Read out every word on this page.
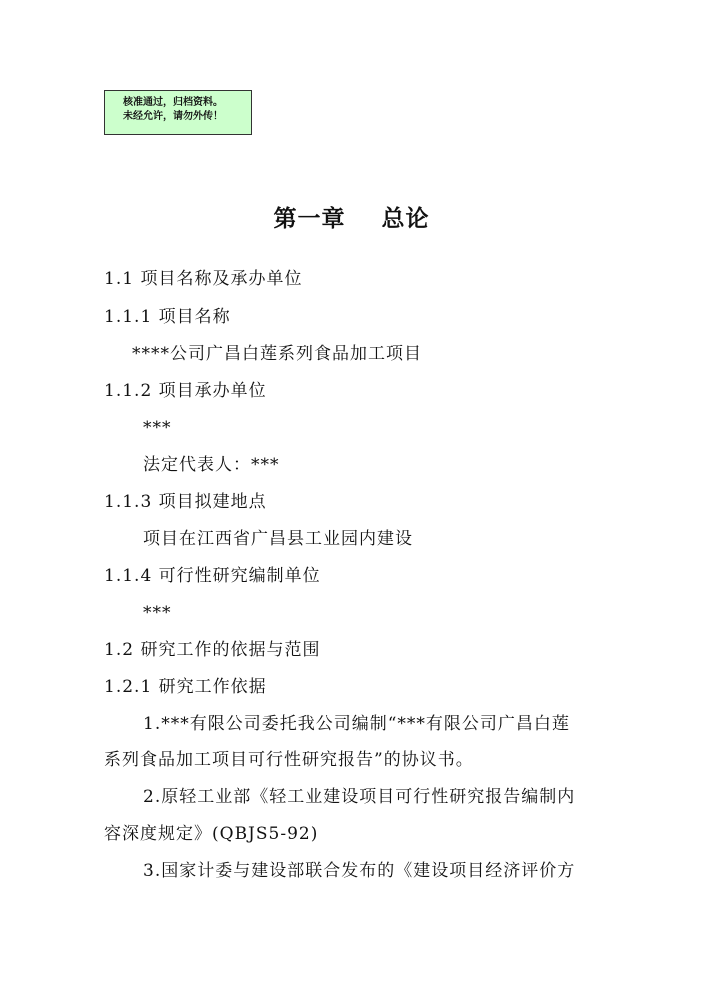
核准通过，归档资料。
未经允许，请勿外传！
第一章    总论
1.1 项目名称及承办单位
1.1.1 项目名称
****公司广昌白莲系列食品加工项目
1.1.2 项目承办单位
***
法定代表人：***
1.1.3 项目拟建地点
项目在江西省广昌县工业园内建设
1.1.4 可行性研究编制单位
***
1.2 研究工作的依据与范围
1.2.1 研究工作依据
1.***有限公司委托我公司编制“***有限公司广昌白莲
系列食品加工项目可行性研究报告”的协议书。
2.原轻工业部《轻工业建设项目可行性研究报告编制内
容深度规定》(QBJS5-92)
3.国家计委与建设部联合发布的《建设项目经济评价方
